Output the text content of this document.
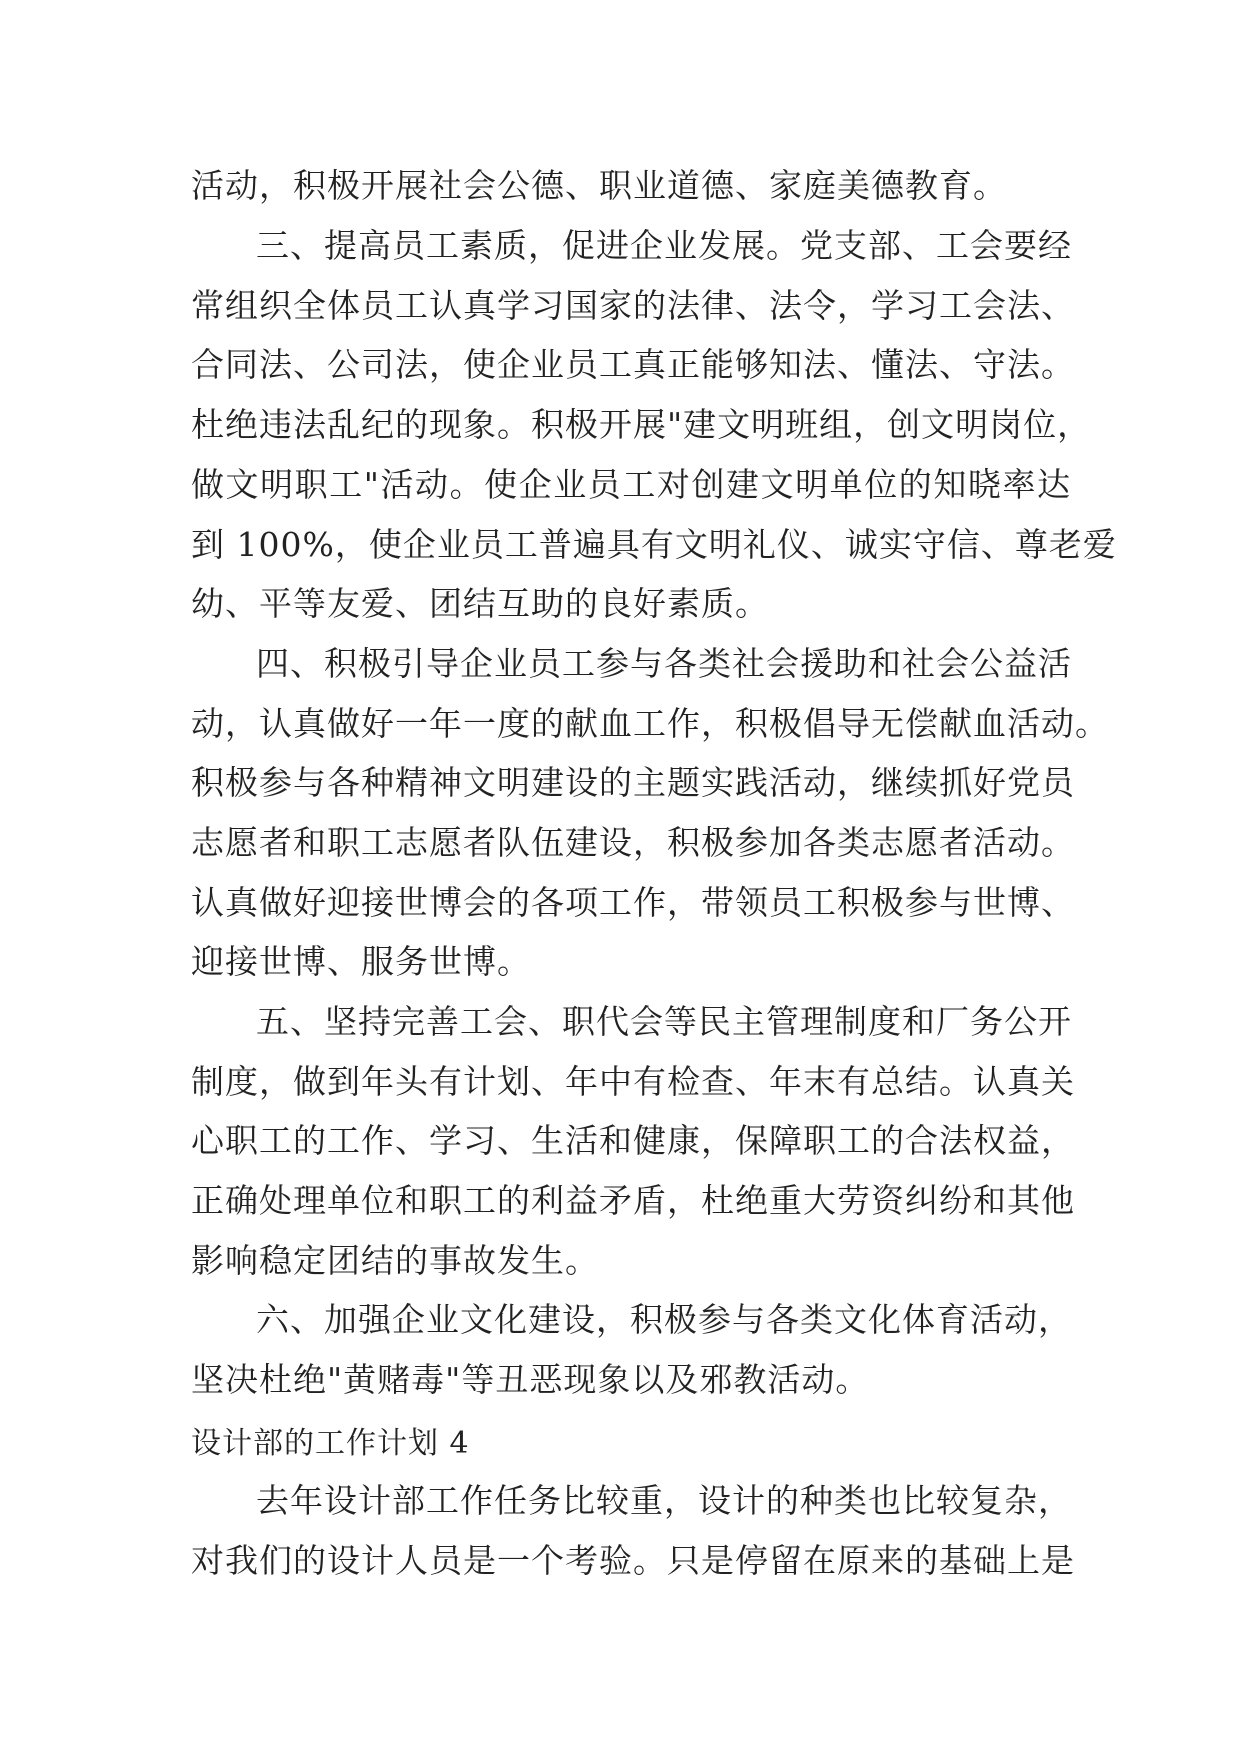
活动，积极开展社会公德、职业道德、家庭美德教育。
三、提高员工素质，促进企业发展。党支部、工会要经
常组织全体员工认真学习国家的法律、法令，学习工会法、
合同法、公司法，使企业员工真正能够知法、懂法、守法。
杜绝违法乱纪的现象。积极开展"建文明班组，创文明岗位，
做文明职工"活动。使企业员工对创建文明单位的知晓率达
到 100%，使企业员工普遍具有文明礼仪、诚实守信、尊老爱
幼、平等友爱、团结互助的良好素质。
四、积极引导企业员工参与各类社会援助和社会公益活
动，认真做好一年一度的献血工作，积极倡导无偿献血活动。
积极参与各种精神文明建设的主题实践活动，继续抓好党员
志愿者和职工志愿者队伍建设，积极参加各类志愿者活动。
认真做好迎接世博会的各项工作，带领员工积极参与世博、
迎接世博、服务世博。
五、坚持完善工会、职代会等民主管理制度和厂务公开
制度，做到年头有计划、年中有检查、年末有总结。认真关
心职工的工作、学习、生活和健康，保障职工的合法权益，
正确处理单位和职工的利益矛盾，杜绝重大劳资纠纷和其他
影响稳定团结的事故发生。
六、加强企业文化建设，积极参与各类文化体育活动，
坚决杜绝"黄赌毒"等丑恶现象以及邪教活动。
设计部的工作计划 4
去年设计部工作任务比较重，设计的种类也比较复杂，
对我们的设计人员是一个考验。只是停留在原来的基础上是
